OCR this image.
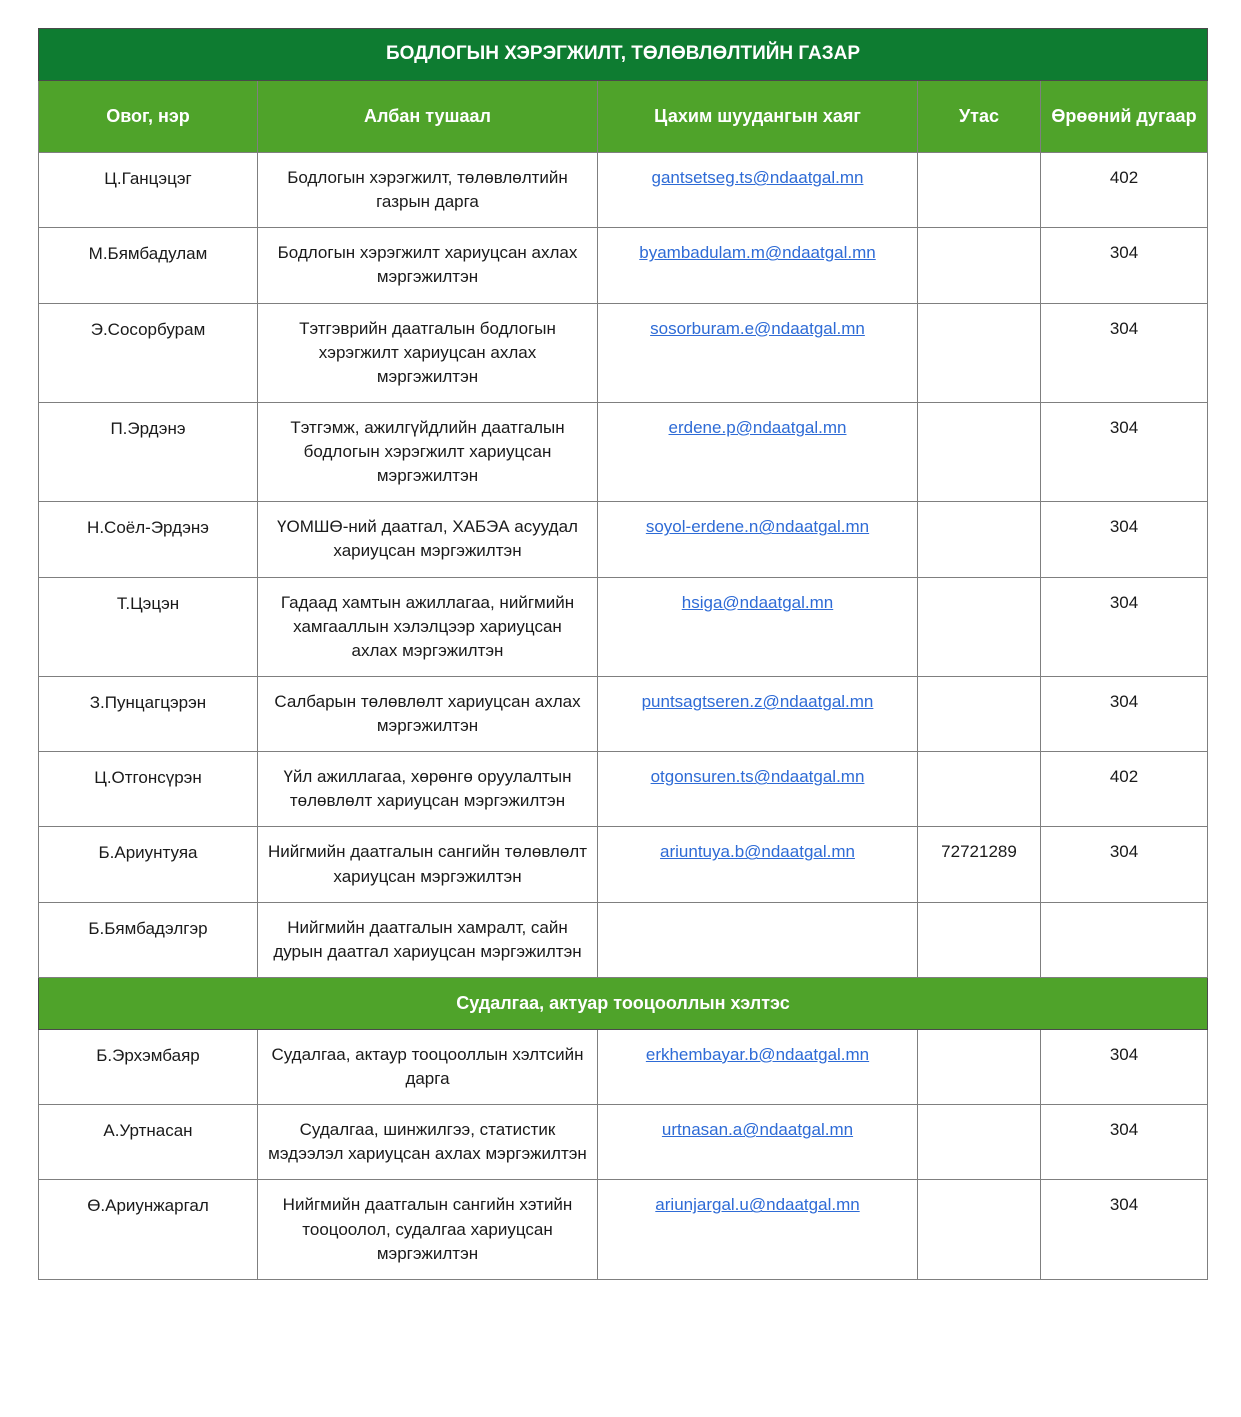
БОДЛОГЫН ХЭРЭГЖИЛТ, ТӨЛӨВЛӨЛТИЙН ГАЗАР				
Овог, нэр	Албан тушаал	Цахим шуудангын хаяг	Утас	Өрөөний дугаар
Ц.Ганцэцэг	Бодлогын хэрэгжилт, төлөвлөлтийн газрын дарга	gantsetseg.ts@ndaatgal.mn		402
М.Бямбадулам	Бодлогын хэрэгжилт хариуцсан ахлах мэргэжилтэн	byambadulam.m@ndaatgal.mn		304
Э.Сосорбурам	Тэтгэврийн даатгалын бодлогын хэрэгжилт хариуцсан ахлах мэргэжилтэн	sosorburam.e@ndaatgal.mn		304
П.Эрдэнэ	Тэтгэмж, ажилгүйдлийн даатгалын бодлогын хэрэгжилт хариуцсан мэргэжилтэн	erdene.p@ndaatgal.mn		304
Н.Соёл-Эрдэнэ	ҮОМШӨ-ний даатгал, ХАБЭА асуудал хариуцсан мэргэжилтэн	soyol-erdene.n@ndaatgal.mn		304
Т.Цэцэн	Гадаад хамтын ажиллагаа, нийгмийн хамгааллын хэлэлцээр хариуцсан ахлах мэргэжилтэн	hsiga@ndaatgal.mn		304
З.Пунцагцэрэн	Салбарын төлөвлөлт хариуцсан ахлах мэргэжилтэн	puntsagtseren.z@ndaatgal.mn		304
Ц.Отгонсүрэн	Үйл ажиллагаа, хөрөнгө оруулалтын төлөвлөлт хариуцсан мэргэжилтэн	otgonsuren.ts@ndaatgal.mn		402
Б.Ариунтуяа	Нийгмийн даатгалын сангийн төлөвлөлт хариуцсан мэргэжилтэн	ariuntuya.b@ndaatgal.mn	72721289	304
Б.Бямбадэлгэр	Нийгмийн даатгалын хамралт, сайн дурын даатгал хариуцсан мэргэжилтэн			
Судалгаа, актуар тооцооллын хэлтэс				
Б.Эрхэмбаяр	Судалгаа, актаур тооцооллын хэлтсийн дарга	erkhembayar.b@ndaatgal.mn		304
А.Уртнасан	Судалгаа, шинжилгээ, статистик мэдээлэл хариуцсан ахлах мэргэжилтэн	urtnasan.a@ndaatgal.mn		304
Ө.Ариунжаргал	Нийгмийн даатгалын сангийн хэтийн тооцоолол, судалгаа хариуцсан мэргэжилтэн	ariunjargal.u@ndaatgal.mn		304
